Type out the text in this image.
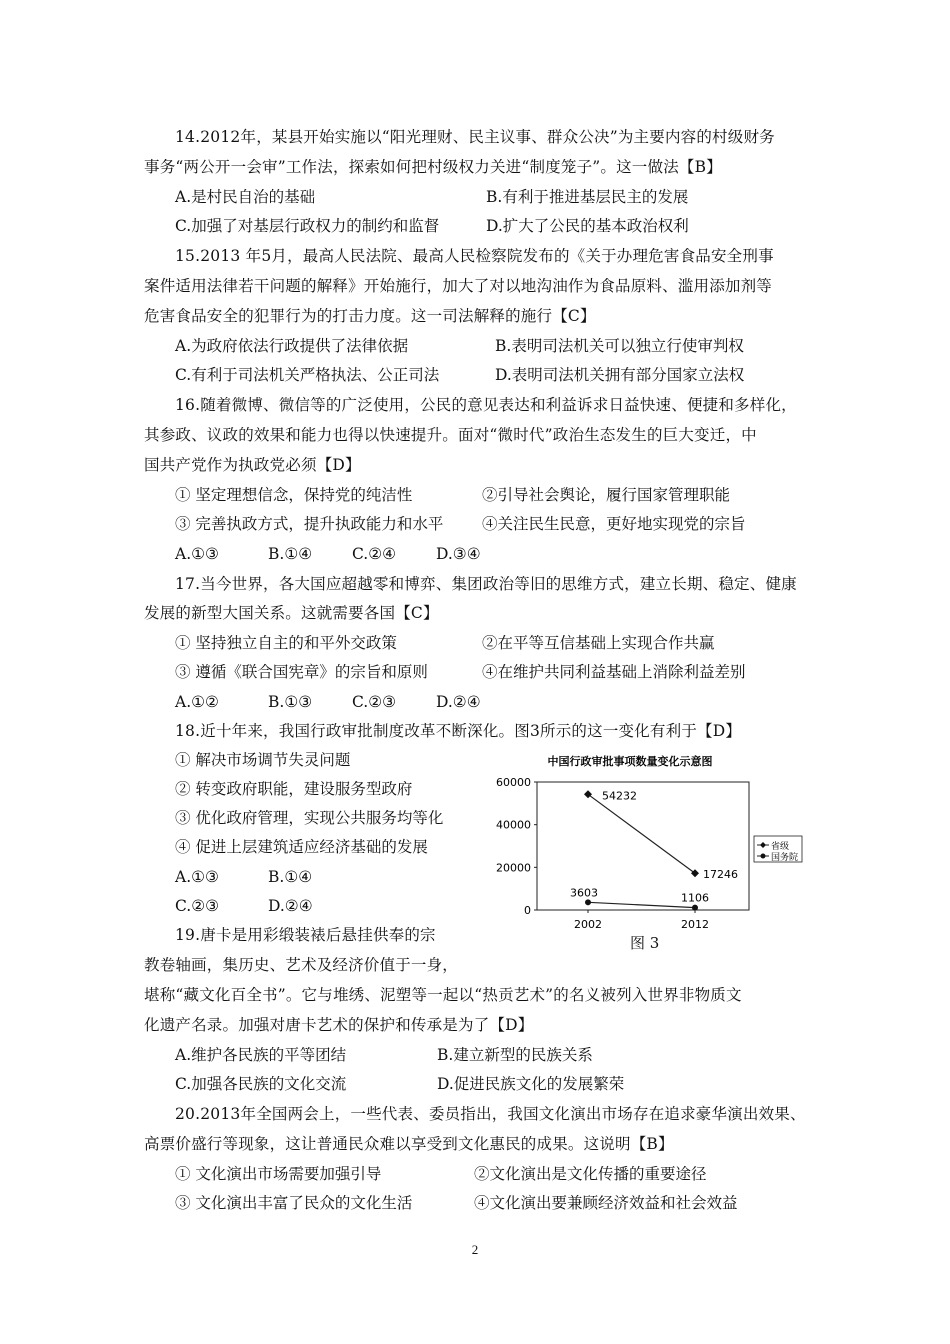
14.2012年，某县开始实施以“阳光理财、民主议事、群众公决”为主要内容的村级财务
事务“两公开一会审”工作法，探索如何把村级权力关进“制度笼子”。这一做法【B】
A.是村民自治的基础	B.有利于推进基层民主的发展
C.加强了对基层行政权力的制约和监督	D.扩大了公民的基本政治权利
15.2013 年5月，最高人民法院、最高人民检察院发布的《关于办理危害食品安全刑事
案件适用法律若干问题的解释》开始施行，加大了对以地沟油作为食品原料、滥用添加剂等
危害食品安全的犯罪行为的打击力度。这一司法解释的施行【C】
A.为政府依法行政提供了法律依据	B.表明司法机关可以独立行使审判权
C.有利于司法机关严格执法、公正司法	D.表明司法机关拥有部分国家立法权
16.随着微博、微信等的广泛使用，公民的意见表达和利益诉求日益快速、便捷和多样化，
其参政、议政的效果和能力也得以快速提升。面对“微时代”政治生态发生的巨大变迁，中
国共产党作为执政党必须【D】
① 坚定理想信念，保持党的纯洁性	②引导社会舆论，履行国家管理职能
③ 完善执政方式，提升执政能力和水平 ④关注民生民意，更好地实现党的宗旨
A.①③	B.①④	C.②④	D.③④
17.当今世界，各大国应超越零和博弈、集团政治等旧的思维方式，建立长期、稳定、健康
发展的新型大国关系。这就需要各国【C】
① 坚持独立自主的和平外交政策	②在平等互信基础上实现合作共赢
③ 遵循《联合国宪章》的宗旨和原则	④在维护共同利益基础上消除利益差别
A.①②	B.①③	C.②③	D.②④
18.近十年来，我国行政审批制度改革不断深化。图3所示的这一变化有利于【D】
① 解决市场调节失灵问题
② 转变政府职能，建设服务型政府
③ 优化政府管理，实现公共服务均等化
④ 促进上层建筑适应经济基础的发展
A.①③	B.①④
C.②③	D.②④
中国行政审批事项数量变化示意图
0
20000
40000
60000
2002	2012
54232
17246
3603	1106
省级
国务院
图 3
19.唐卡是用彩缎装裱后悬挂供奉的宗
教卷轴画，集历史、艺术及经济价值于一身，
堪称“藏文化百全书”。它与堆绣、泥塑等一起以“热贡艺术”的名义被列入世界非物质文
化遗产名录。加强对唐卡艺术的保护和传承是为了【D】
A.维护各民族的平等团结	B.建立新型的民族关系
C.加强各民族的文化交流	D.促进民族文化的发展繁荣
20.2013年全国两会上，一些代表、委员指出，我国文化演出市场存在追求豪华演出效果、
高票价盛行等现象，这让普通民众难以享受到文化惠民的成果。这说明【B】
① 文化演出市场需要加强引导	②文化演出是文化传播的重要途径
③ 文化演出丰富了民众的文化生活	④文化演出要兼顾经济效益和社会效益
2
